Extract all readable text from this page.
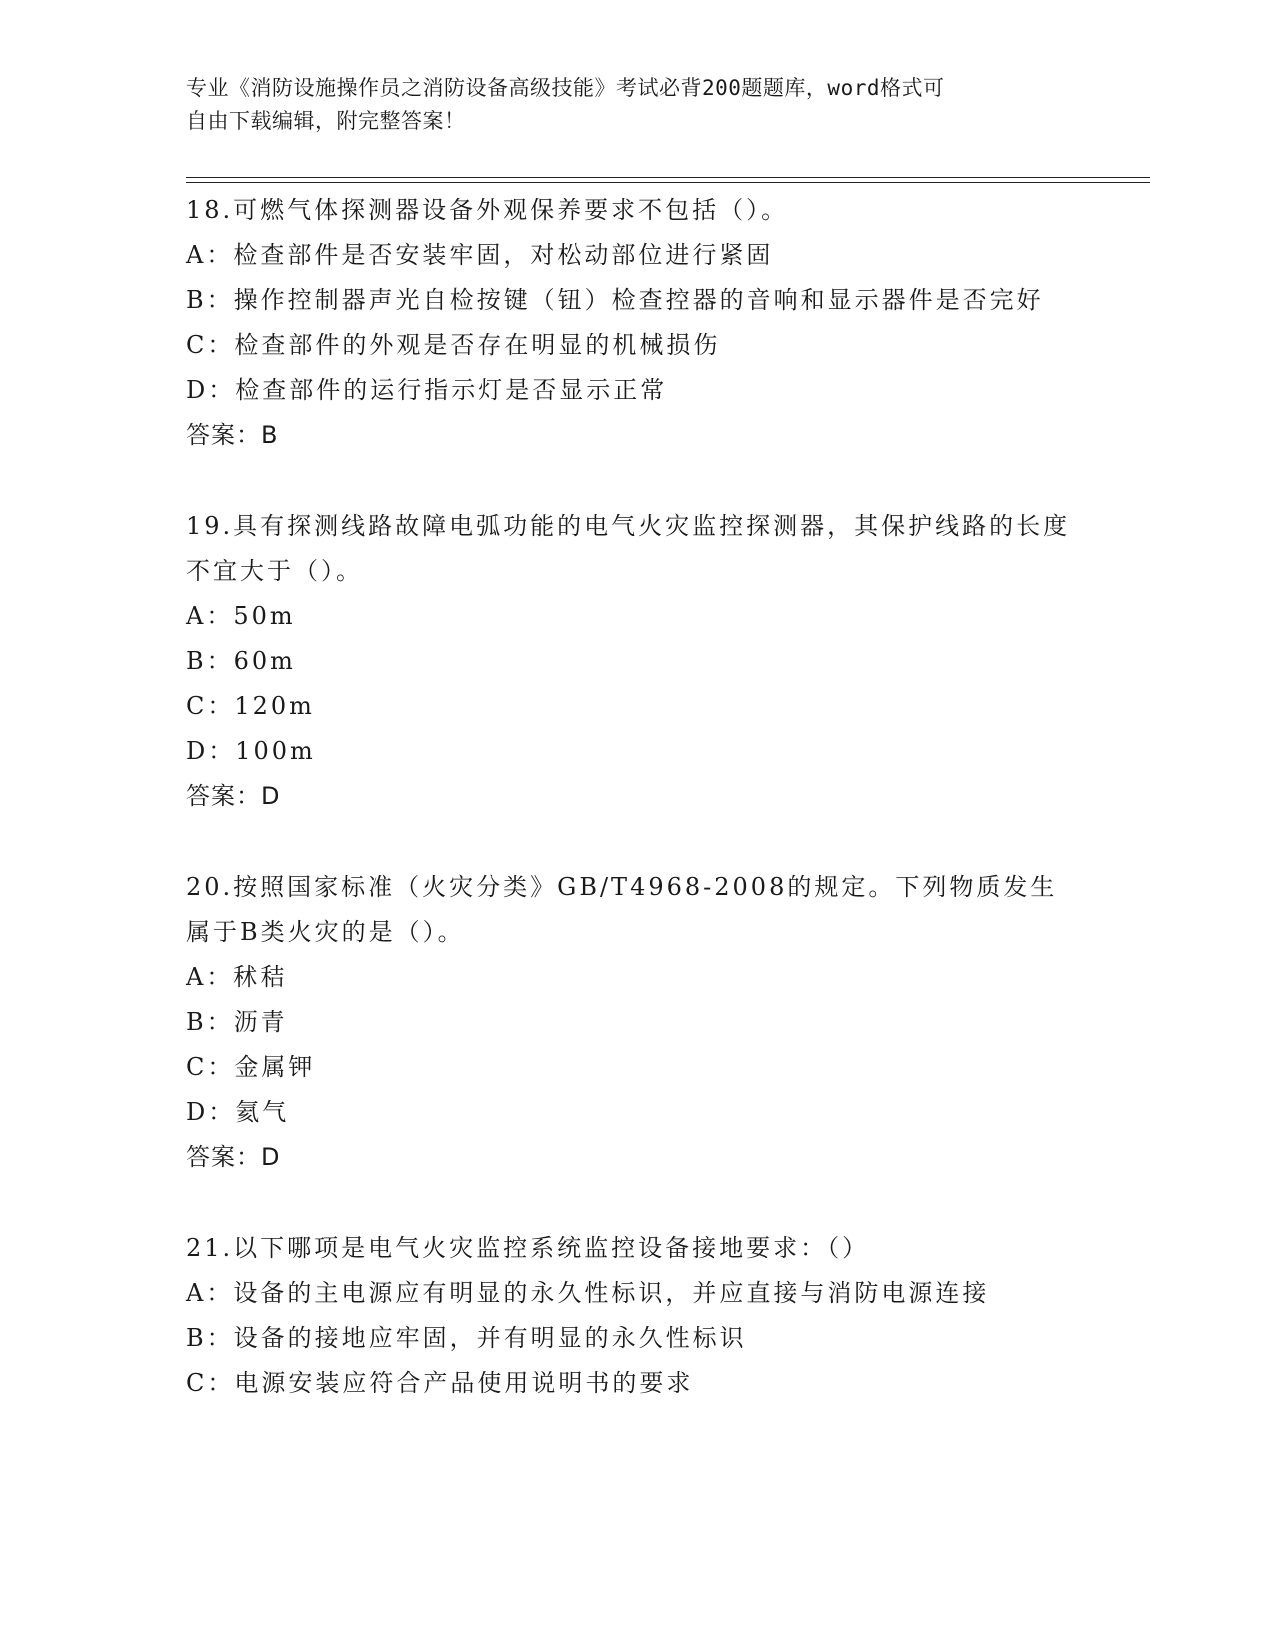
专业《消防设施操作员之消防设备高级技能》考试必背200题题库，word格式可
自由下载编辑，附完整答案！

18.可燃气体探测器设备外观保养要求不包括（）。

A：检查部件是否安装牢固，对松动部位进行紧固

B：操作控制器声光自检按键（钮）检查控器的音响和显示器件是否完好

C：检查部件的外观是否存在明显的机械损伤

D：检查部件的运行指示灯是否显示正常

答案：B

19.具有探测线路故障电弧功能的电气火灾监控探测器，其保护线路的长度不宜大于（）。

A：50m

B：60m

C：120m

D：100m

答案：D

20.按照国家标准（火灾分类》GB/T4968-2008的规定。下列物质发生属于B类火灾的是（）。

A：秫秸

B：沥青

C：金属钾

D：氦气

答案：D

21.以下哪项是电气火灾监控系统监控设备接地要求：（）

A：设备的主电源应有明显的永久性标识，并应直接与消防电源连接

B：设备的接地应牢固，并有明显的永久性标识

C：电源安装应符合产品使用说明书的要求
